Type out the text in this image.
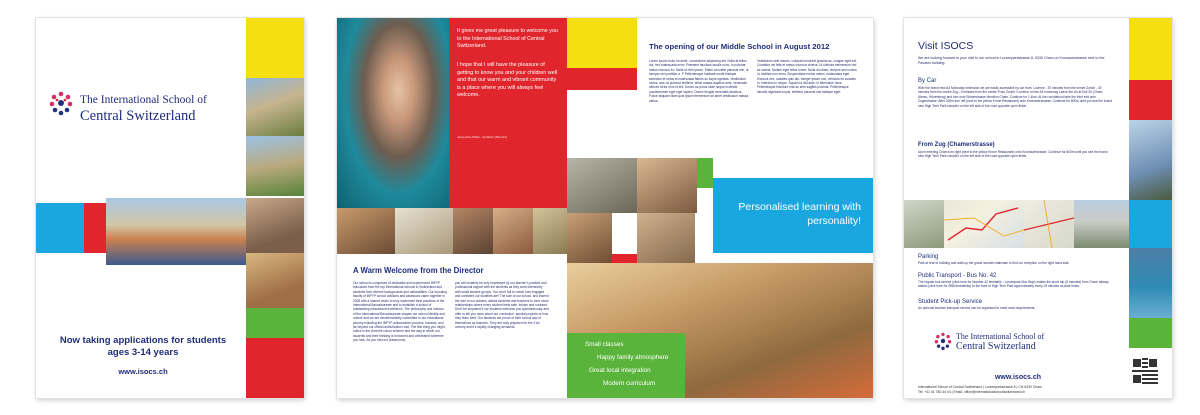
The International School of
Central Switzerland
Now taking applications for students ages 3-14 years
www.isocs.ch
It gives me great pleasure to welcome you to the International School of Central Switzerland.
I hope that I will have the pleasure of getting to know you and your children well and that our warm and vibrant community is a place where you will always feel welcome.
Jacqueline Wilde - Architect (Director)
The opening of our Middle School in August 2012
Lorem ipsum dolor sit amet, consectetur adipiscing elit. Nulla at tellus dui, nec malesuada enim. Praesent faucibus iaculis nunc, in pulvinar metus rhoncus eu. Nulla id nibh ipsum. Etiam convallis placerat nisl, ut semper orci porttitor a. P Pellentesque habitant morbi tristique senectus et netus et malesuada fames ac turpis egestas. Vestibulum luctus, arcu at pulvinar eleifend, tellus massa dapibus ante, venenatis ultrices tortor eros id erit. Donec ac purus vitae neque molestie condimentum eget eget sapien. Donec feugiat venenatis faucibus. Fusce aliquam diam quis ipsum fermentum sit amet vestibulum massa varius.
Vestibulum velit mauris, volutpat hendrerit gravida ac, congue eget est. Curabitur vel felis et metus rhoncus viverra. Ut ultricies elementum nisl ac lacinia. Nullam eget tellus lorem. Nulla dui diam, tempus sed cursus id, facilisis non enim. Suspendisse metus metus, malesuada eget rhoncus nec, sodales quis dui. Integer ipsum orci, vehicula eu sodales in, interdum in neque. Squam id nisl ante, in bibendum risus. Pellentesque tincidunt erat ac sem sagittis pulvinar. Pellentesque lobortis dignissim turpis, eleifend placerat nisl tristique eget.
Personalised learning with personality!
A Warm Welcome from the Director
Our school is comprised of dedicated and experienced IBPYP educators from the top International schools in Switzerland and students from diverse backgrounds and nationalities. Our founding faculty of IBPYP school advisors and assessors came together in 2008 with a shared vision to truly implement best practices of the International Baccalaureate and to establish a school of outstanding educational excellence. The philosophy and mission of the International Baccalaureate shapes our school identity and culture and we are wholeheartedly committed to our educational journey following the IBPYP authorization process, towards, and far beyond our official authorization visit. The first thing you might notice is the cheerful colour scheme and the way in which our students and their thinking is honoured and celebrated wherever you look. As you visit our classrooms,
you will certainly be very impressed by our teacher's positive and professional rapport with the students as they work intensively with small student groups. You won't fail to notice how engaged and confident our students are! The size of our school, and indeed the size of our classes, allows students and teachers to form close relationships where every student feels safe, known and nurtured. Don't be surprised if our students welcome you spontaneously and offer to tell you more about our curriculum, special projects or how they learn best. Our students are proud of their school and of themselves as learners. They are truly prepared for the 21st century and it's rapidly changing demands.
Small classes
Happy family atmosphere
Great local integration
Modern curriculum
Visit ISOCS
We are looking forward to your visit to our school in Lorzenparkstrasse 8, 6330 Cham on Knonauerstrasse next to the Pavatex building.
By Car
With the brand new A4 Motorway extension we are easily accessible by car from: Lucerne - 20 minutes from the centre Zurich - 30 minutes from the centre Zug - 5 minutes from the centre From Zurich / Lucerne on the A4 motorway Leave the A4 at Exit 33 (Cham, Alerau, Hünenberg) and turn onto Sinserstrasse direction Cham. Continue for 1.4km. At the roundabout take the third exit onto Zugerstrasse. After 200m turn left (next to the yellow Krone Restaurant) onto Knonauerstrasse. Continue for 800m until you see the brand new High Tech Park complex on the left side of the road opposite open fields.
From Zug (Chamerstrasse)
Upon entering Cham turn right (next to the yellow Krone Restaurant) onto Knonauerstrasse. Continue for 800m until you see the brand new High Tech Park complex on the left side of the road opposite open fields.
Parking
Park at rear of building and walk up the grand wooden staircase to find our reception on the right hand side.
Public Transport - Bus No. 42
The regular bus service (click here for Number 42 timetable - Lorzenpark Bus Stop) makes the short trip (6 minutes) from Cham railway station (click here for SBB timetables) to the front of High Tech Park approximately every 15 minutes at peak times.
Student Pick-up Service
An optional bus/taxi transport service can be organised to meet most requirements.
The International School of
Central Switzerland
www.isocs.ch
International School of Central Switzerland | Lorzenparkstrasse 8 | CH-6330 Cham
Tel: +41 41 780 44 44 | Email: office@internationalschoolswitzerland.ch
